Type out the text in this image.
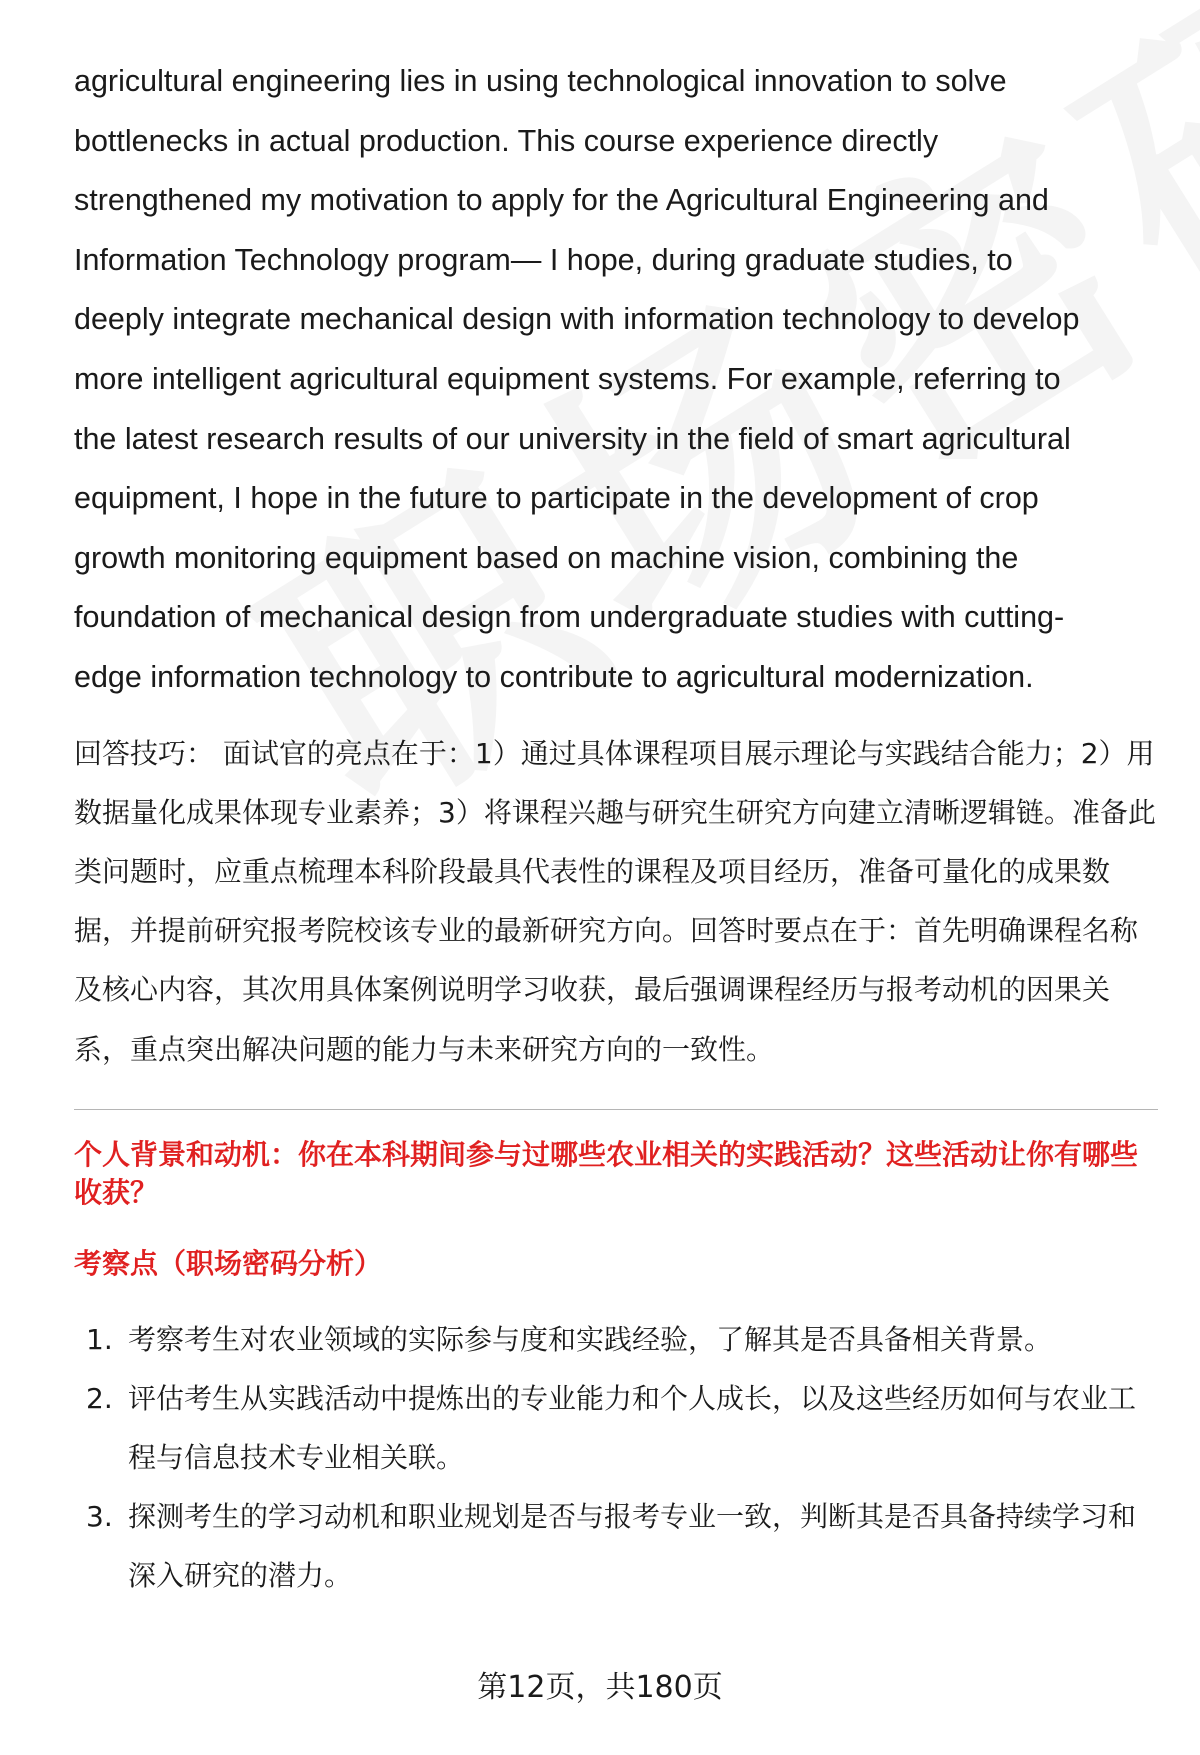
agricultural engineering lies in using technological innovation to solve
bottlenecks in actual production. This course experience directly
strengthened my motivation to apply for the Agricultural Engineering and
Information Technology program— I hope, during graduate studies, to
deeply integrate mechanical design with information technology to develop
more intelligent agricultural equipment systems. For example, referring to
the latest research results of our university in the field of smart agricultural
equipment, I hope in the future to participate in the development of crop
growth monitoring equipment based on machine vision, combining the
foundation of mechanical design from undergraduate studies with cutting-
edge information technology to contribute to agricultural modernization.

回答技巧： 面试官的亮点在于：1）通过具体课程项目展示理论与实践结合能力；2）用数据量化成果体现专业素养；3）将课程兴趣与研究生研究方向建立清晰逻辑链。准备此类问题时，应重点梳理本科阶段最具代表性的课程及项目经历，准备可量化的成果数据，并提前研究报考院校该专业的最新研究方向。回答时要点在于：首先明确课程名称及核心内容，其次用具体案例说明学习收获，最后强调课程经历与报考动机的因果关系，重点突出解决问题的能力与未来研究方向的一致性。

个人背景和动机：你在本科期间参与过哪些农业相关的实践活动？这些活动让你有哪些收获？
考察点（职场密码分析）
1. 考察考生对农业领域的实际参与度和实践经验，了解其是否具备相关背景。
2. 评估考生从实践活动中提炼出的专业能力和个人成长，以及这些经历如何与农业工程与信息技术专业相关联。
3. 探测考生的学习动机和职业规划是否与报考专业一致，判断其是否具备持续学习和深入研究的潜力。
第12页，共180页
